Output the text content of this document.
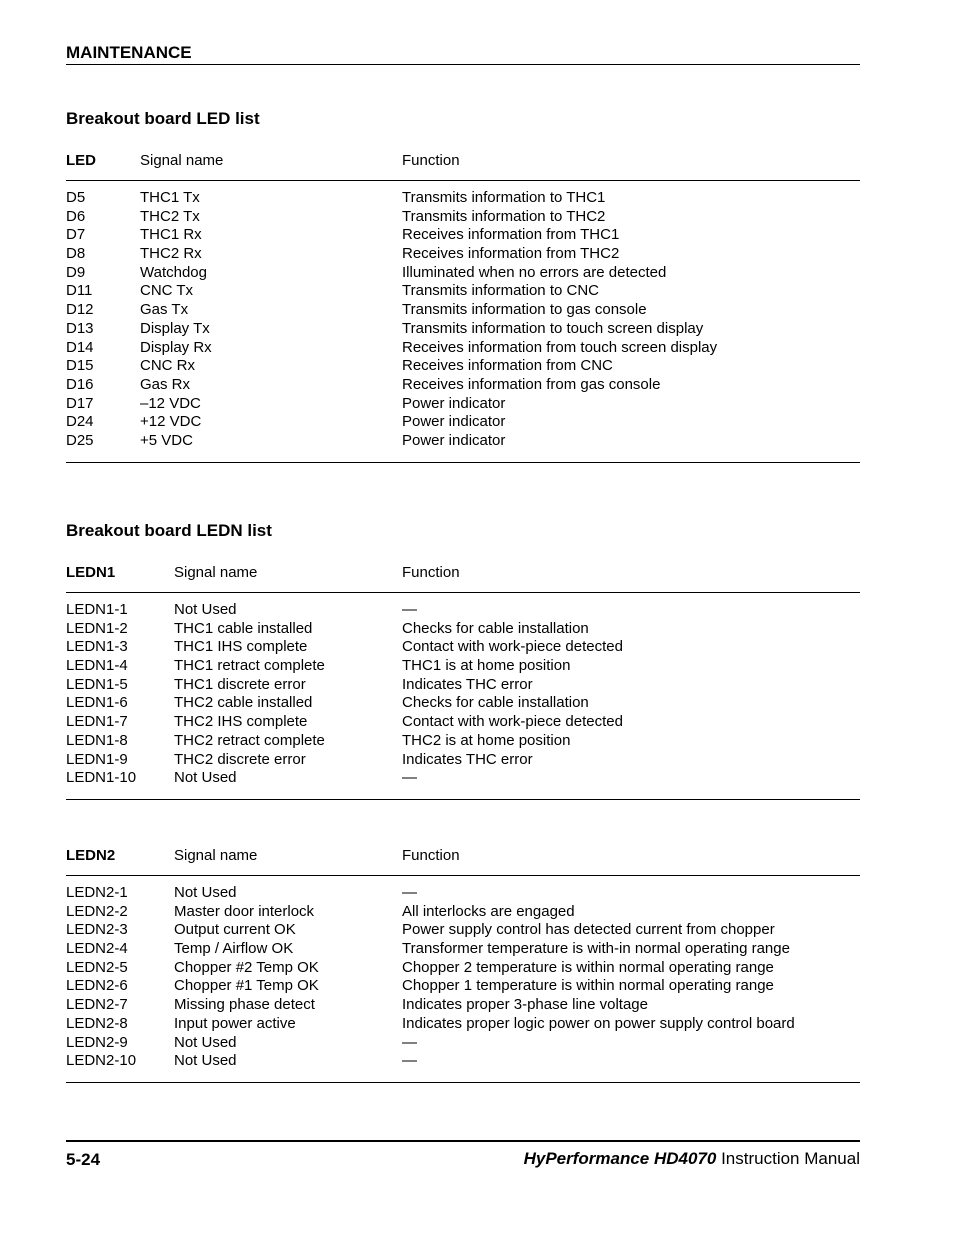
MAINTENANCE
Breakout board LED list
LED	Signal name	Function
D5	THC1 Tx	Transmits information to THC1
D6	THC2 Tx	Transmits information to THC2
D7	THC1 Rx	Receives information from THC1
D8	THC2 Rx	Receives information from THC2
D9	Watchdog	Illuminated when no errors are detected
D11	CNC Tx	Transmits information to CNC
D12	Gas Tx	Transmits information to gas console
D13	Display Tx	Transmits information to touch screen display
D14	Display Rx	Receives information from touch screen display
D15	CNC Rx	Receives information from CNC
D16	Gas Rx	Receives information from gas console
D17	–12 VDC	Power indicator
D24	+12 VDC	Power indicator
D25	+5 VDC	Power indicator
Breakout board LEDN list
LEDN1	Signal name	Function
LEDN1-1	Not Used	—
LEDN1-2	THC1 cable installed	Checks for cable installation
LEDN1-3	THC1 IHS complete	Contact with work-piece detected
LEDN1-4	THC1 retract complete	THC1 is at home position
LEDN1-5	THC1 discrete error	Indicates THC error
LEDN1-6	THC2 cable installed	Checks for cable installation
LEDN1-7	THC2 IHS complete	Contact with work-piece detected
LEDN1-8	THC2 retract complete	THC2 is at home position
LEDN1-9	THC2 discrete error	Indicates THC error
LEDN1-10	Not Used	—
LEDN2	Signal name	Function
LEDN2-1	Not Used	—
LEDN2-2	Master door interlock	All interlocks are engaged
LEDN2-3	Output current OK	Power supply control has detected current from chopper
LEDN2-4	Temp / Airflow OK	Transformer temperature is with-in normal operating range
LEDN2-5	Chopper #2 Temp OK	Chopper 2 temperature is within normal operating range
LEDN2-6	Chopper #1 Temp OK	Chopper 1 temperature is within normal operating range
LEDN2-7	Missing phase detect	Indicates proper 3-phase line voltage
LEDN2-8	Input power active	Indicates proper logic power on power supply control board
LEDN2-9	Not Used	—
LEDN2-10	Not Used	—
5-24	HyPerformance HD4070 Instruction Manual
